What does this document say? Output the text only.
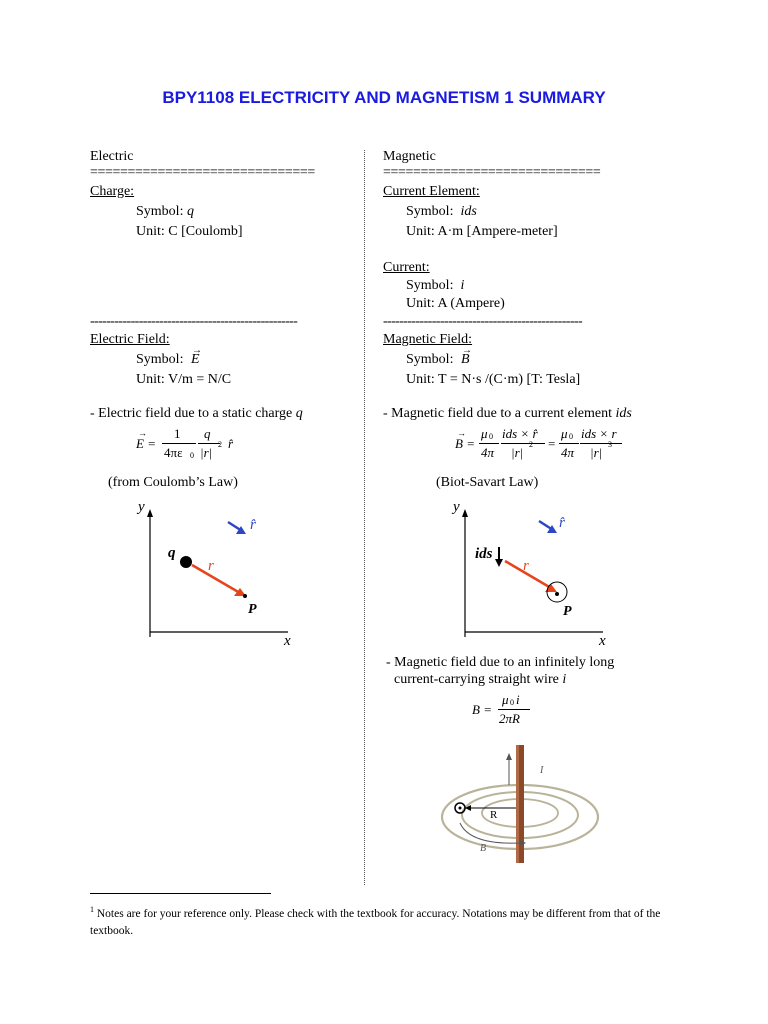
BPY1108 ELECTRICITY AND MAGNETISM 1 SUMMARY
Electric
==============================
Charge:
Symbol: q
Unit: C [Coulomb]
---------------------------------------------------
Electric Field:
Symbol:
→
E
Unit: V/m = N/C
- Electric field due to a static charge q
E =
→ 1
4πε 0
q
|r|
2 r̂
(from Coulomb’s Law)
y
x
q
P
r
r̂
Magnetic
=============================
Current Element:
Symbol: ids
Unit: A·m [Ampere-meter]
Current:
Symbol: i
Unit: A (Ampere)
-------------------------------------------------
Magnetic Field:
Symbol:
→
B
Unit: T = N·s /(C·m) [T: Tesla]
- Magnetic field due to a current element ids
B =
→ μ 0
4π
ids × r̂
|r|
2 =
μ 0
4π
ids × r
|r|
3
(Biot-Savart Law)
y
x
ids
P
r
r̂
- Magnetic field due to an infinitely long
current-carrying straight wire i
B =
μ 0 i
2πR
I
R
B
$^1$ Notes are for your reference only. Please check with the textbook for accuracy. Notations may be different from that of the textbook.
